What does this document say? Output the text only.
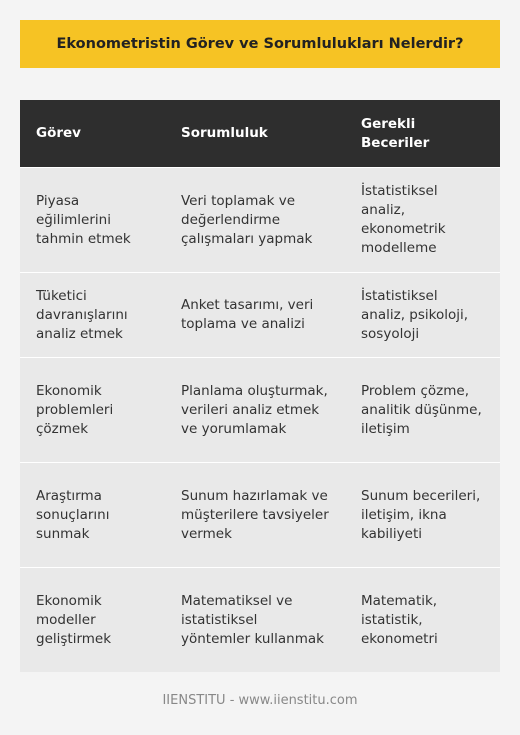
Ekonometristin Görev ve Sorumlulukları Nelerdir?
Görev	Sorumluluk	Gerekli Beceriler
Piyasa eğilimlerini tahmin etmek	Veri toplamak ve değerlendirme çalışmaları yapmak	İstatistiksel analiz, ekonometrik modelleme
Tüketici davranışlarını analiz etmek	Anket tasarımı, veri toplama ve analizi	İstatistiksel analiz, psikoloji, sosyoloji
Ekonomik problemleri çözmek	Planlama oluşturmak, verileri analiz etmek ve yorumlamak	Problem çözme, analitik düşünme, iletişim
Araştırma sonuçlarını sunmak	Sunum hazırlamak ve müşterilere tavsiyeler vermek	Sunum becerileri, iletişim, ikna kabiliyeti
Ekonomik modeller geliştirmek	Matematiksel ve istatistiksel yöntemler kullanmak	Matematik, istatistik, ekonometri
IIENSTITU - www.iienstitu.com
